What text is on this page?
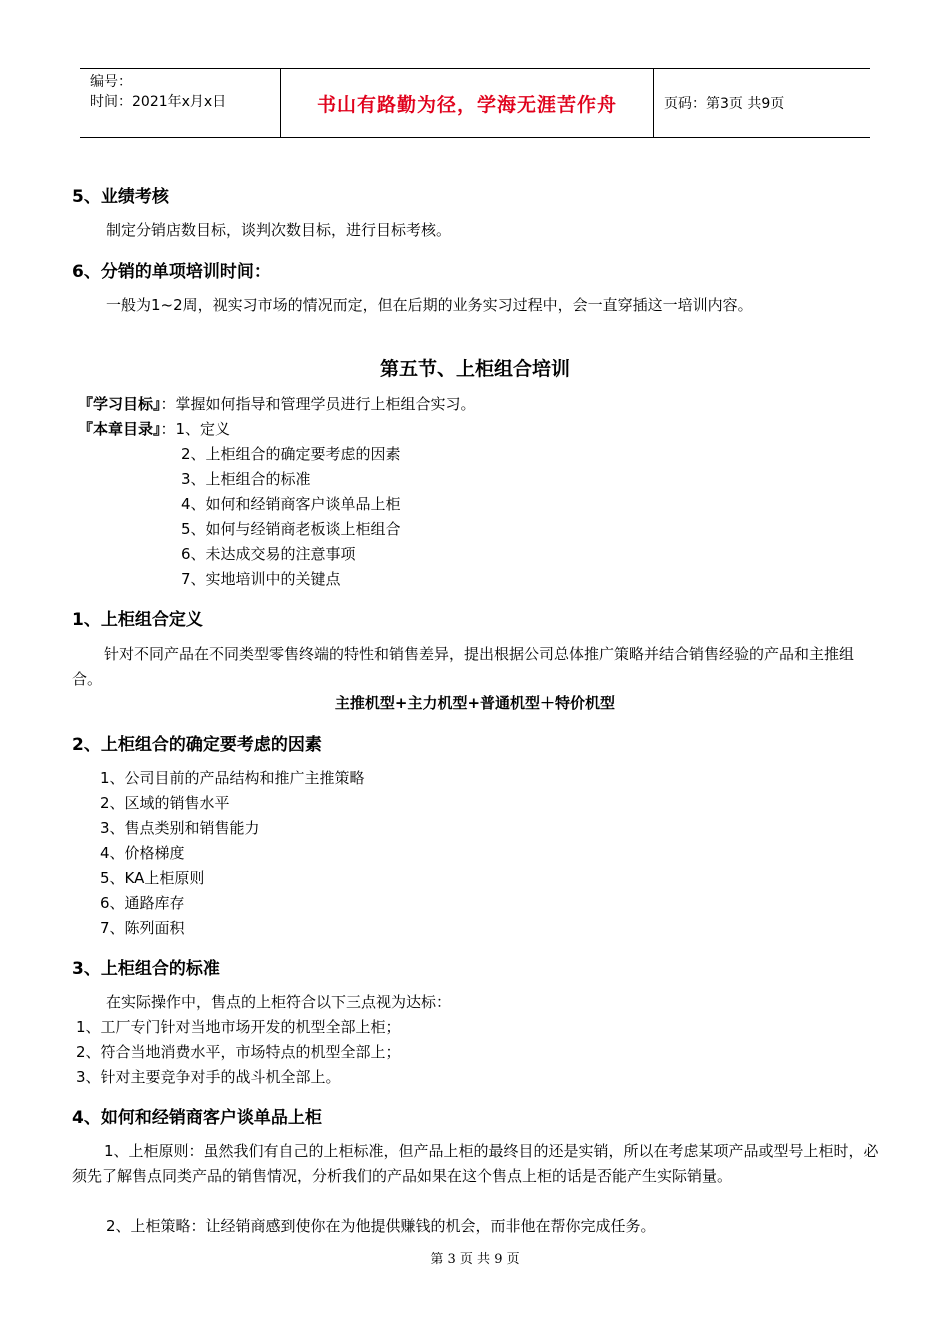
编号：
时间：2021年x月x日	书山有路勤为径，学海无涯苦作舟	页码：第3页 共9页
5、业绩考核
制定分销店数目标，谈判次数目标，进行目标考核。
6、分销的单项培训时间：
一般为1~2周，视实习市场的情况而定，但在后期的业务实习过程中，会一直穿插这一培训内容。
第五节、上柜组合培训
『学习目标』：掌握如何指导和管理学员进行上柜组合实习。
『本章目录』：1、定义
2、上柜组合的确定要考虑的因素
3、上柜组合的标准
4、如何和经销商客户谈单品上柜
5、如何与经销商老板谈上柜组合
6、未达成交易的注意事项
7、实地培训中的关键点
1、上柜组合定义
针对不同产品在不同类型零售终端的特性和销售差异，提出根据公司总体推广策略并结合销售经验的产品和主推组合。
主推机型+主力机型+普通机型＋特价机型
2、上柜组合的确定要考虑的因素
1、公司目前的产品结构和推广主推策略
2、区域的销售水平
3、售点类别和销售能力
4、价格梯度
5、KA上柜原则
6、通路库存
7、陈列面积
3、上柜组合的标准
在实际操作中，售点的上柜符合以下三点视为达标：
1、工厂专门针对当地市场开发的机型全部上柜；
2、符合当地消费水平，市场特点的机型全部上；
3、针对主要竞争对手的战斗机全部上。
4、如何和经销商客户谈单品上柜
1、上柜原则：虽然我们有自己的上柜标准，但产品上柜的最终目的还是实销，所以在考虑某项产品或型号上柜时，必须先了解售点同类产品的销售情况，分析我们的产品如果在这个售点上柜的话是否能产生实际销量。
2、上柜策略：让经销商感到使你在为他提供赚钱的机会，而非他在帮你完成任务。
第 3 页 共 9 页
